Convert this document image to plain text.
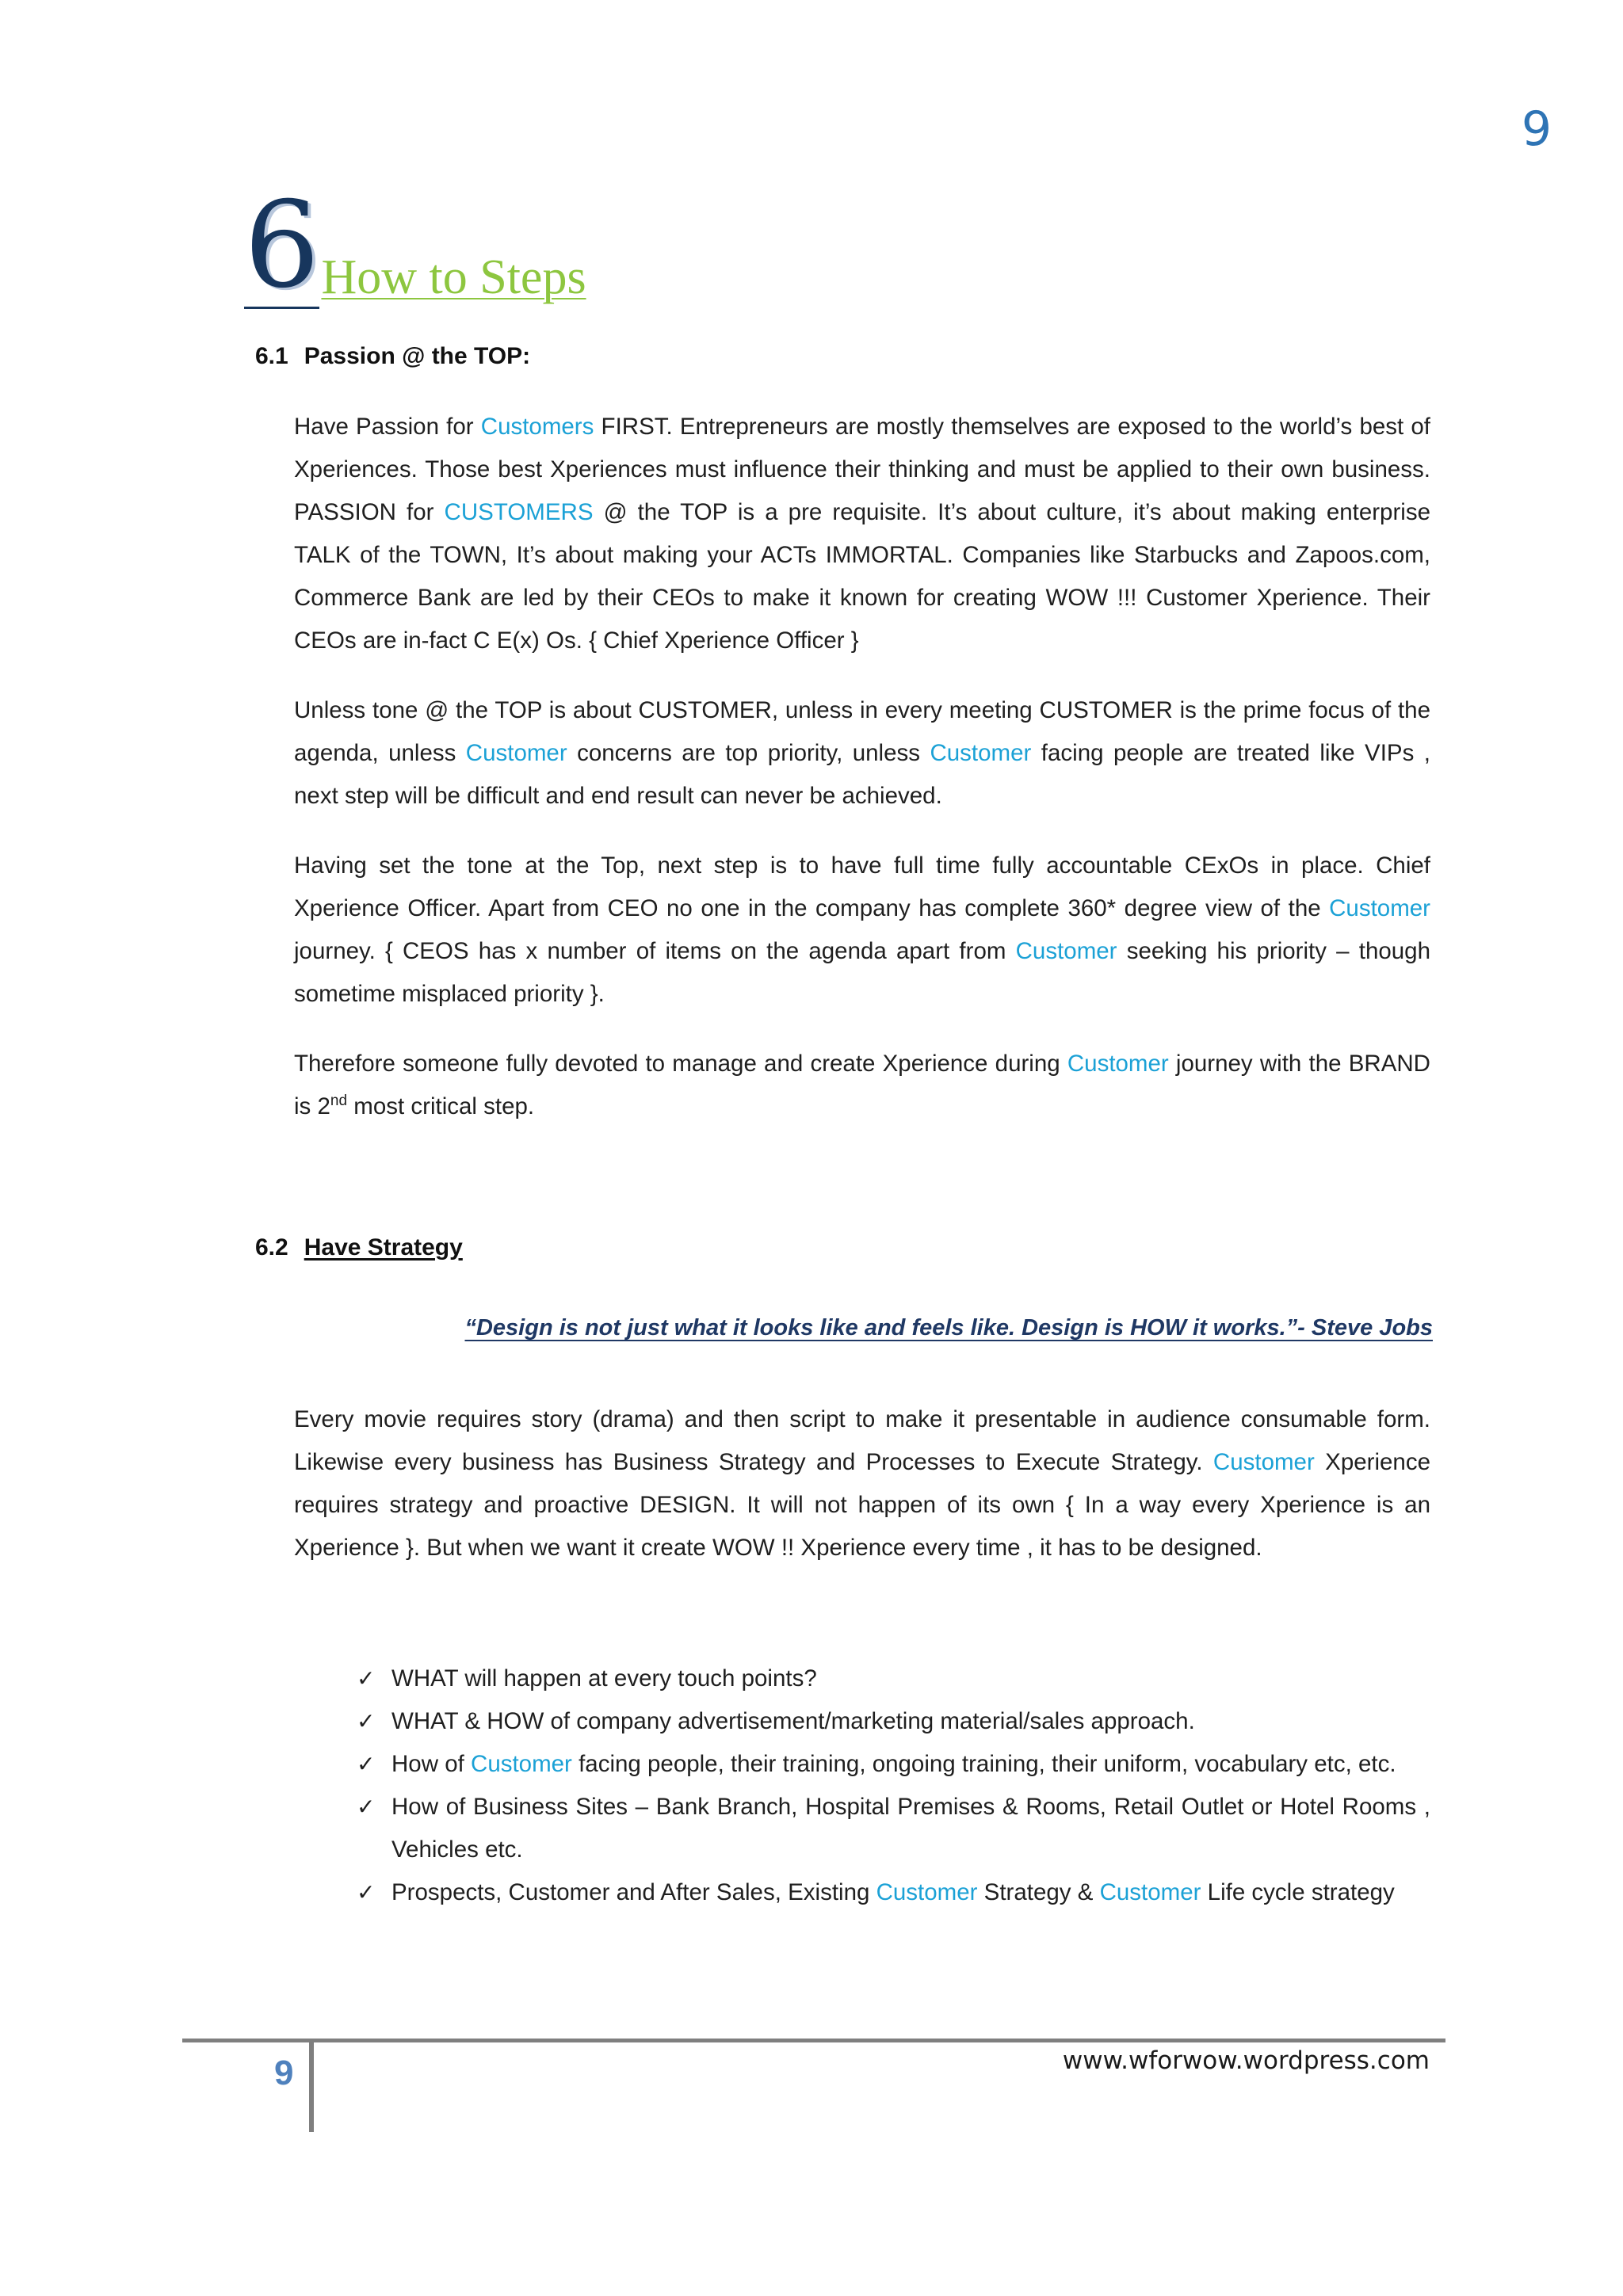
9
6 How to Steps
6.1 Passion @ the TOP:

Have Passion for Customers FIRST. Entrepreneurs are mostly themselves are exposed to the world’s best of Xperiences. Those best Xperiences must influence their thinking and must be applied to their own business. PASSION for CUSTOMERS @ the TOP is a pre requisite. It’s about culture, it’s about making enterprise TALK of the TOWN, It’s about making your ACTs IMMORTAL. Companies like Starbucks and Zapoos.com, Commerce Bank are led by their CEOs to make it known for creating WOW !!! Customer Xperience. Their CEOs are in-fact C E(x) Os. { Chief Xperience Officer }

Unless tone @ the TOP is about CUSTOMER, unless in every meeting CUSTOMER is the prime focus of the agenda, unless Customer concerns are top priority, unless Customer facing people are treated like VIPs , next step will be difficult and end result can never be achieved.

Having set the tone at the Top, next step is to have full time fully accountable CExOs in place. Chief Xperience Officer. Apart from CEO no one in the company has complete 360* degree view of the Customer journey. { CEOS has x number of items on the agenda apart from Customer seeking his priority – though sometime misplaced priority }.

Therefore someone fully devoted to manage and create Xperience during Customer journey with the BRAND is 2nd most critical step.

6.2 Have Strategy
“Design is not just what it looks like and feels like. Design is HOW it works.”- Steve Jobs

Every movie requires story (drama) and then script to make it presentable in audience consumable form. Likewise every business has Business Strategy and Processes to Execute Strategy. Customer Xperience requires strategy and proactive DESIGN. It will not happen of its own { In a way every Xperience is an Xperience }. But when we want it create WOW !! Xperience every time , it has to be designed.

✓ WHAT will happen at every touch points?
✓ WHAT & HOW of company advertisement/marketing material/sales approach.
✓ How of Customer facing people, their training, ongoing training, their uniform, vocabulary etc, etc.
✓ How of Business Sites – Bank Branch, Hospital Premises & Rooms, Retail Outlet or Hotel Rooms , Vehicles etc.
✓ Prospects, Customer and After Sales, Existing Customer Strategy & Customer Life cycle strategy
9	www.wforwow.wordpress.com
